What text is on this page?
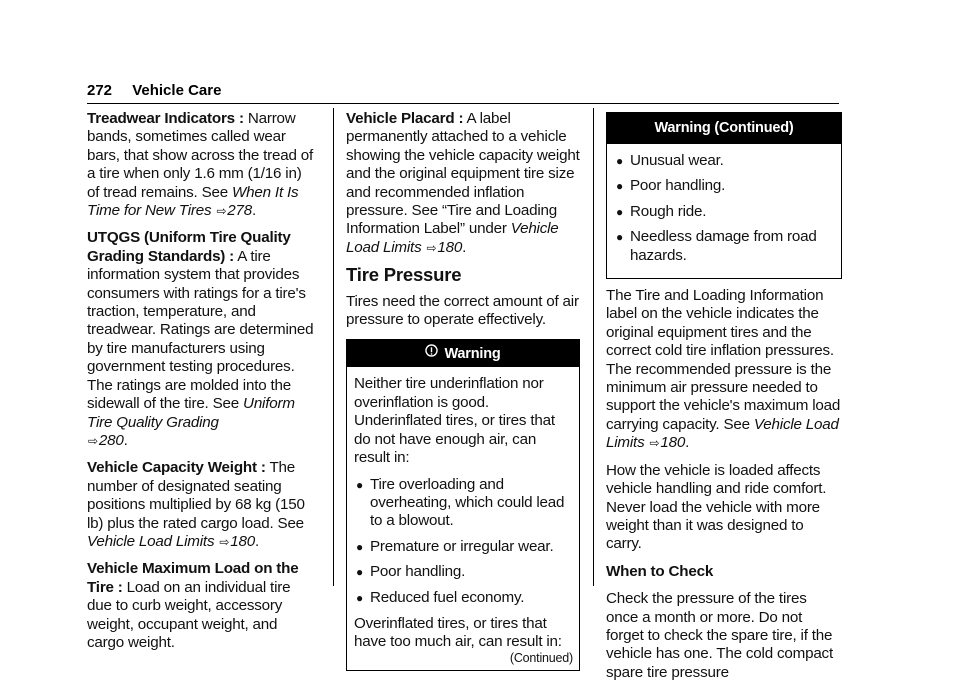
272 Vehicle Care

Treadwear Indicators : Narrow bands, sometimes called wear bars, that show across the tread of a tire when only 1.6 mm (1/16 in) of tread remains. See When It Is Time for New Tires ⇨278.

UTQGS (Uniform Tire Quality Grading Standards) : A tire information system that provides consumers with ratings for a tire's traction, temperature, and treadwear. Ratings are determined by tire manufacturers using government testing procedures. The ratings are molded into the sidewall of the tire. See Uniform Tire Quality Grading
⇨280.

Vehicle Capacity Weight : The number of designated seating positions multiplied by 68 kg (150 lb) plus the rated cargo load. See Vehicle Load Limits ⇨180.

Vehicle Maximum Load on the Tire : Load on an individual tire due to curb weight, accessory weight, occupant weight, and cargo weight.

Vehicle Placard : A label permanently attached to a vehicle showing the vehicle capacity weight and the original equipment tire size and recommended inflation pressure. See “Tire and Loading Information Label” under Vehicle Load Limits ⇨180.

Tire Pressure

Tires need the correct amount of air pressure to operate effectively.

Warning

Neither tire underinflation nor overinflation is good. Underinflated tires, or tires that do not have enough air, can result in:

● Tire overloading and overheating, which could lead to a blowout.
● Premature or irregular wear.
● Poor handling.
● Reduced fuel economy.

Overinflated tires, or tires that have too much air, can result in:

(Continued)
Warning (Continued)
● Unusual wear.
● Poor handling.
● Rough ride.
● Needless damage from road hazards.

The Tire and Loading Information label on the vehicle indicates the original equipment tires and the correct cold tire inflation pressures. The recommended pressure is the minimum air pressure needed to support the vehicle's maximum load carrying capacity. See Vehicle Load Limits ⇨180.

How the vehicle is loaded affects vehicle handling and ride comfort. Never load the vehicle with more weight than it was designed to carry.

When to Check

Check the pressure of the tires once a month or more. Do not forget to check the spare tire, if the vehicle has one. The cold compact spare tire pressure
